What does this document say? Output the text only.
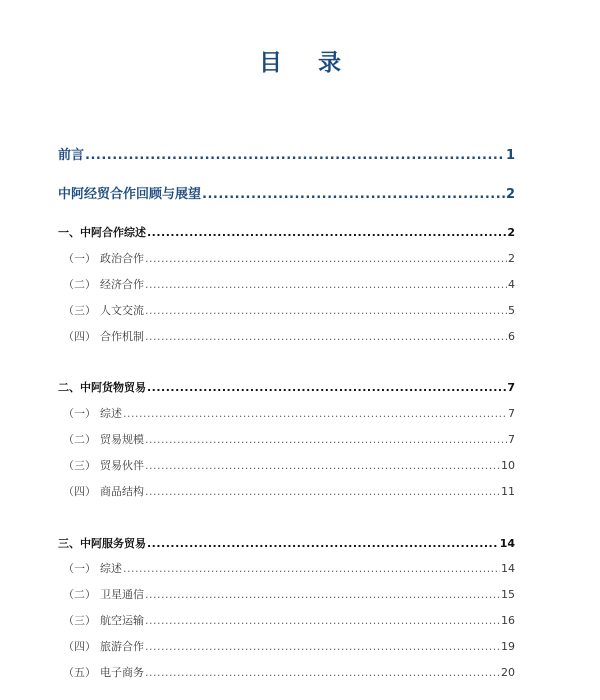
目 录
前言 .....	1
中阿经贸合作回顾与展望 .....	2
一、中阿合作综述 .....	2
（一） 政治合作 .....	2
（二） 经济合作 .....	4
（三） 人文交流 .....	5
（四） 合作机制 .....	6
二、中阿货物贸易 .....	7
（一） 综述 .....	7
（二） 贸易规模 .....	7
（三） 贸易伙伴 .....	10
（四） 商品结构 .....	11
三、中阿服务贸易 .....	14
（一） 综述 .....	14
（二） 卫星通信 .....	15
（三） 航空运输 .....	16
（四） 旅游合作 .....	19
（五） 电子商务 .....	20
